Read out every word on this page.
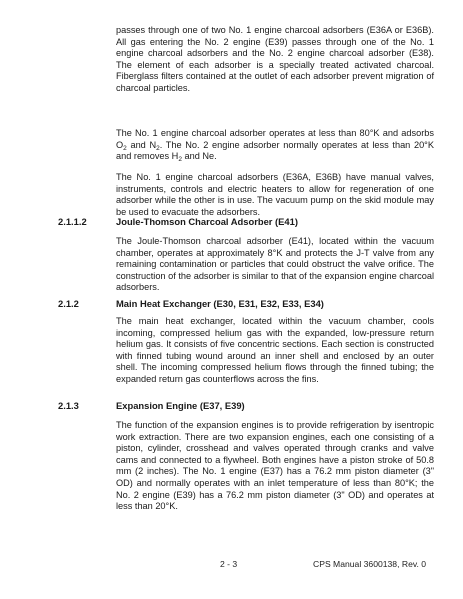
passes through one of two No. 1 engine charcoal adsorbers (E36A or E36B). All gas entering the No. 2 engine (E39) passes through one of the No. 1 engine charcoal adsorbers and the No. 2 engine charcoal adsorber (E38). The element of each adsorber is a specially treated activated charcoal. Fiberglass filters contained at the outlet of each adsorber prevent migration of charcoal particles.

The No. 1 engine charcoal adsorber operates at less than 80°K and adsorbs $O_2$ and $N_2$. The No. 2 engine adsorber normally operates at less than 20°K and removes $H_2$ and Ne.

The No. 1 engine charcoal adsorbers (E36A, E36B) have manual valves, instruments, controls and electric heaters to allow for regeneration of one adsorber while the other is in use. The vacuum pump on the skid module may be used to evacuate the adsorbers.

2.1.1.2	Joule-Thomson Charcoal Adsorber (E41)

The Joule-Thomson charcoal adsorber (E41), located within the vacuum chamber, operates at approximately 8°K and protects the J-T valve from any remaining contamination or particles that could obstruct the valve orifice. The construction of the adsorber is similar to that of the expansion engine charcoal adsorbers.

2.1.2	Main Heat Exchanger (E30, E31, E32, E33, E34)

The main heat exchanger, located within the vacuum chamber, cools incoming, compressed helium gas with the expanded, low-pressure return helium gas. It consists of five concentric sections. Each section is constructed with finned tubing wound around an inner shell and enclosed by an outer shell. The incoming compressed helium flows through the finned tubing; the expanded return gas counterflows across the fins.

2.1.3	Expansion Engine (E37, E39)

The function of the expansion engines is to provide refrigeration by isentropic work extraction. There are two expansion engines, each one consisting of a piston, cylinder, crosshead and valves operated through cranks and valve cams and connected to a flywheel. Both engines have a piston stroke of 50.8 mm (2 inches). The No. 1 engine (E37) has a 76.2 mm piston diameter (3" OD) and normally operates with an inlet temperature of less than 80°K; the No. 2 engine (E39) has a 76.2 mm piston diameter (3" OD) and operates at less than 20°K.

2 - 3	CPS Manual 3600138, Rev. 0
